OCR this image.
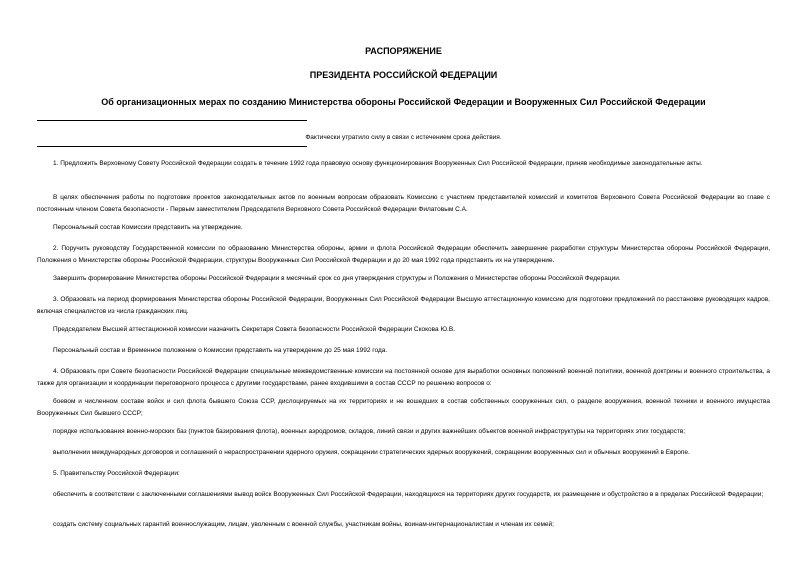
РАСПОРЯЖЕНИЕ
ПРЕЗИДЕНТА РОССИЙСКОЙ ФЕДЕРАЦИИ
Об организационных мерах по созданию Министерства обороны Российской Федерации и Вооруженных Сил Российской Федерации
Фактически утратило силу в связи с истечением срока действия.

1. Предложить Верховному Совету Российской Федерации создать в течение 1992 года правовую основу функционирования Вооруженных Сил Российской Федерации, приняв необходимые законодательные акты.

В целях обеспечения работы по подготовке проектов законодательных актов по военным вопросам образовать Комиссию с участием представителей комиссий и комитетов Верховного Совета Российской Федерации во главе с постоянным членом Совета безопасности - Первым заместителем Председателя Верховного Совета Российской Федерации Филатовым С.А.

Персональный состав Комиссии представить на утверждение.

2. Поручить руководству Государственной комиссии по образованию Министерства обороны, армии и флота Российской Федерации обеспечить завершение разработки структуры Министерства обороны Российской Федерации, Положения о Министерстве обороны Российской Федерации, структуры Вооруженных Сил Российской Федерации и до 20 мая 1992 года представить их на утверждение.

Завершить формирование Министерства обороны Российской Федерации в месячный срок со дня утверждения структуры и Положения о Министерстве обороны Российской Федерации.

3. Образовать на период формирования Министерства обороны Российской Федерации, Вооруженных Сил Российской Федерации Высшую аттестационную комиссию для подготовки предложений по расстановке руководящих кадров, включая специалистов из числа гражданских лиц.

Председателем Высшей аттестационной комиссии назначить Секретаря Совета безопасности Российской Федерации Скокова Ю.В.

Персональный состав и Временное положение о Комиссии представить на утверждение до 25 мая 1992 года.

4. Образовать при Совете безопасности Российской Федерации специальные межведомственные комиссии на постоянной основе для выработки основных положений военной политики, военной доктрины и военного строительства, а также для организации и координации переговорного процесса с другими государствами, ранее входившими в состав СССР по решению вопросов о:

боевом и численном составе войск и сил флота бывшего Союза ССР, дислоцируемых на их территориях и не вошедших в состав собственных сооруженных сил, о разделе вооружения, военной техники и военного имущества Вооруженных Сил бывшего СССР;

порядке использования военно-морских баз (пунктов базирования флота), военных аэродромов, складов, линий связи и других важнейших объектов военной инфраструктуры на территориях этих государств;

выполнении международных договоров и соглашений о нераспространении ядерного оружия, сокращении стратегических ядерных вооружений, сокращении вооруженных сил и обычных вооружений в Европе.

5. Правительству Российской Федерации:

обеспечить в соответствии с заключенными соглашениями вывод войск Вооруженных Сил Российской Федерации, находящихся на территориях других государств, их размещение и обустройство в в пределах Российской Федерации;

создать систему социальных гарантий военнослужащим, лицам, уволенным с военной службы, участникам войны, воинам-интернационалистам и членам их семей;
